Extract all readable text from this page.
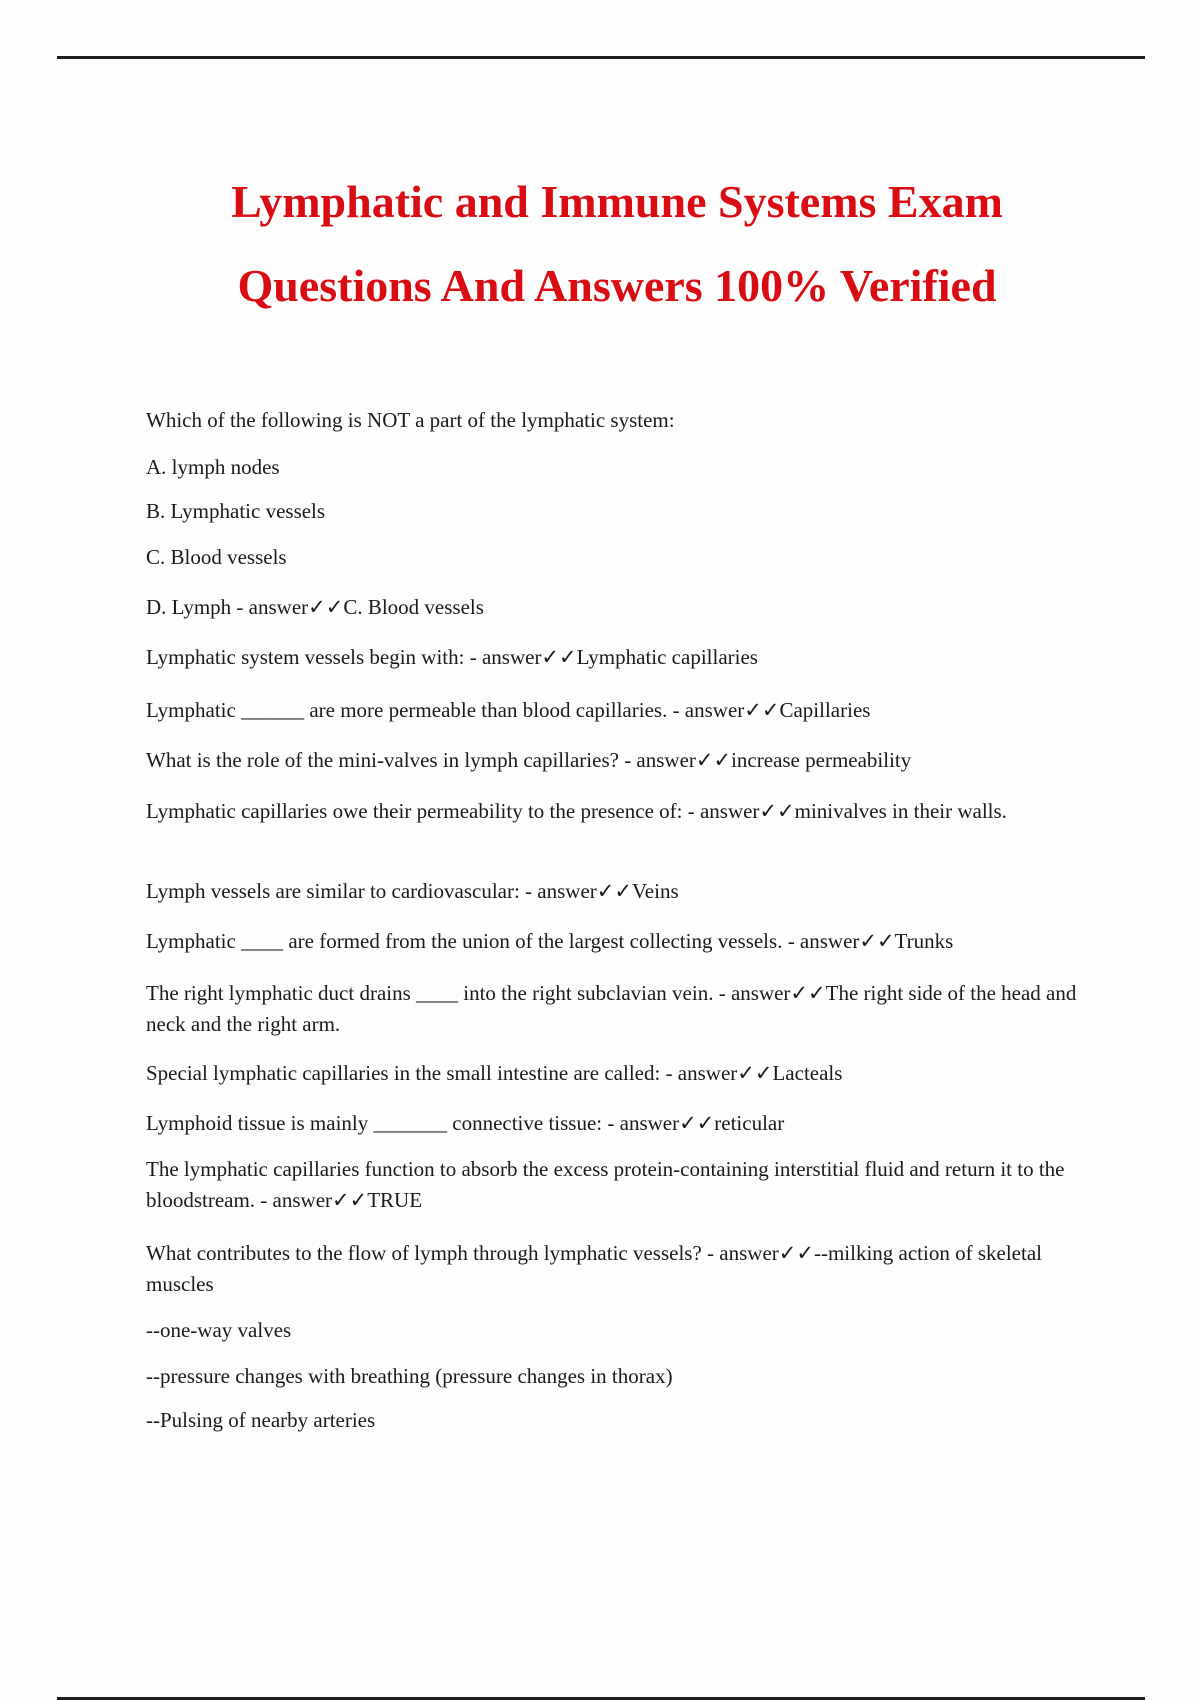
Lymphatic and Immune Systems Exam
Questions And Answers 100% Verified
Which of the following is NOT a part of the lymphatic system:
A. lymph nodes
B. Lymphatic vessels
C. Blood vessels
D. Lymph - answer✓✓C. Blood vessels
Lymphatic system vessels begin with: - answer✓✓Lymphatic capillaries
Lymphatic ______ are more permeable than blood capillaries. - answer✓✓Capillaries
What is the role of the mini-valves in lymph capillaries? - answer✓✓increase permeability
Lymphatic capillaries owe their permeability to the presence of: - answer✓✓minivalves in their walls.
Lymph vessels are similar to cardiovascular: - answer✓✓Veins
Lymphatic ____ are formed from the union of the largest collecting vessels. - answer✓✓Trunks
The right lymphatic duct drains ____ into the right subclavian vein. - answer✓✓The right side of the head and neck and the right arm.
Special lymphatic capillaries in the small intestine are called: - answer✓✓Lacteals
Lymphoid tissue is mainly _______ connective tissue: - answer✓✓reticular
The lymphatic capillaries function to absorb the excess protein-containing interstitial fluid and return it to the bloodstream. - answer✓✓TRUE
What contributes to the flow of lymph through lymphatic vessels? - answer✓✓--milking action of skeletal muscles
--one-way valves
--pressure changes with breathing (pressure changes in thorax)
--Pulsing of nearby arteries
